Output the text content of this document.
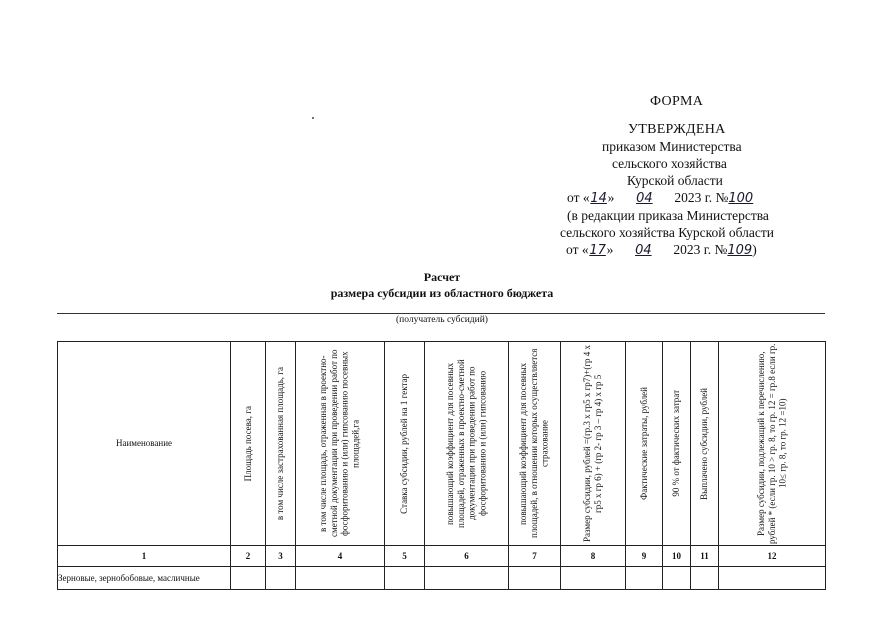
ФОРМА
УТВЕРЖДЕНА
приказом Министерства
сельского хозяйства
Курской области
от «14» 04 2023 г. №100
(в редакции приказа Министерства
сельского хозяйства Курской области
от «17» 04 2023 г. №109)
Расчет
размера субсидии из областного бюджета
(получатель субсидий)
Наименование	Площадь посева, га	в том числе застрахованная площадь, га	в том числе площадь, отраженная в проектно-сметной документации при проведении работ по фосфоритованию и (или) гипсованию посевных площадей,га	Ставка субсидии, рублей на 1 гектар	повышающий коэффициент для посевных площадей, отраженных в проектно-сметной документации при проведении работ по фосфоритованию и (или) гипсованию	повышающий коэффициент для посевных площадей, в отношении которых осуществляется страхование	Размер субсидии, рублей =(гр.3 х гр5 х гр7)+(гр 4 х гр5 х гр 6) + (гр 2- гр 3 – гр 4) х гр 5	Фактические затраты, рублей	90 % от фактических затрат	Выплачено субсидии, рублей	Размер субсидии, подлежащий к перечислению, рублей * (если гр. 10 > гр. 8, то гр. 12 = гр.8 если гр. 10≤ гр. 8, то гр. 12 =10)

1	2	3	4	5	6	7	8	9	10	11	12
Зерновые, зернобобовые, масличные											
